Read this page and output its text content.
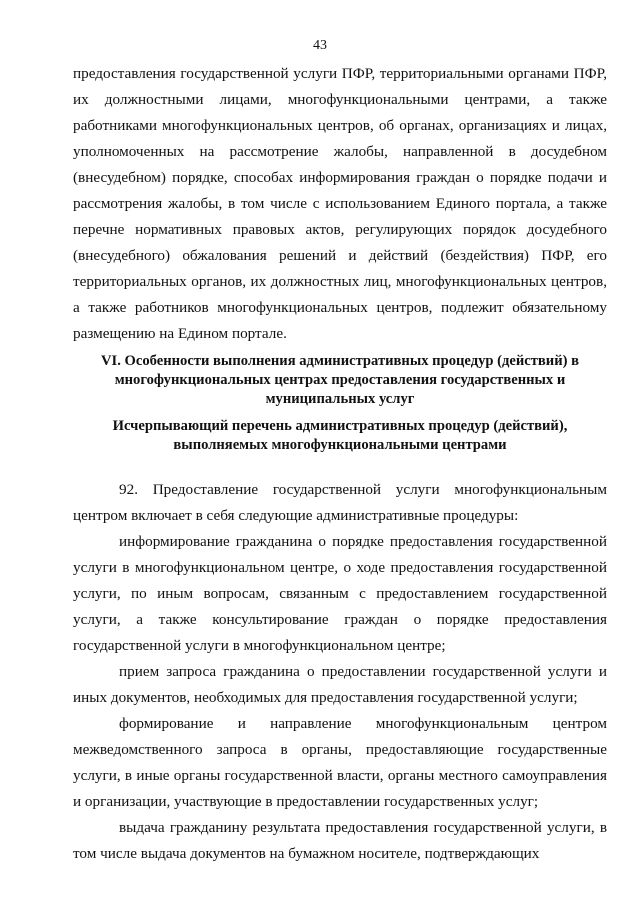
43

предоставления государственной услуги ПФР, территориальными органами ПФР, их должностными лицами, многофункциональными центрами, а также работниками многофункциональных центров, об органах, организациях и лицах, уполномоченных на рассмотрение жалобы, направленной в досудебном (внесудебном) порядке, способах информирования граждан о порядке подачи и рассмотрения жалобы, в том числе с использованием Единого портала, а также перечне нормативных правовых актов, регулирующих порядок досудебного (внесудебного) обжалования решений и действий (бездействия) ПФР, его территориальных органов, их должностных лиц, многофункциональных центров, а также работников многофункциональных центров, подлежит обязательному размещению на Едином портале.

VI. Особенности выполнения административных процедур (действий) в многофункциональных центрах предоставления государственных и муниципальных услуг
Исчерпывающий перечень административных процедур (действий), выполняемых многофункциональными центрами

92. Предоставление государственной услуги многофункциональным центром включает в себя следующие административные процедуры:

информирование гражданина о порядке предоставления государственной услуги в многофункциональном центре, о ходе предоставления государственной услуги, по иным вопросам, связанным с предоставлением государственной услуги, а также консультирование граждан о порядке предоставления государственной услуги в многофункциональном центре;

прием запроса гражданина о предоставлении государственной услуги и иных документов, необходимых для предоставления государственной услуги;

формирование и направление многофункциональным центром межведомственного запроса в органы, предоставляющие государственные услуги, в иные органы государственной власти, органы местного самоуправления и организации, участвующие в предоставлении государственных услуг;

выдача гражданину результата предоставления государственной услуги, в том числе выдача документов на бумажном носителе, подтверждающих
